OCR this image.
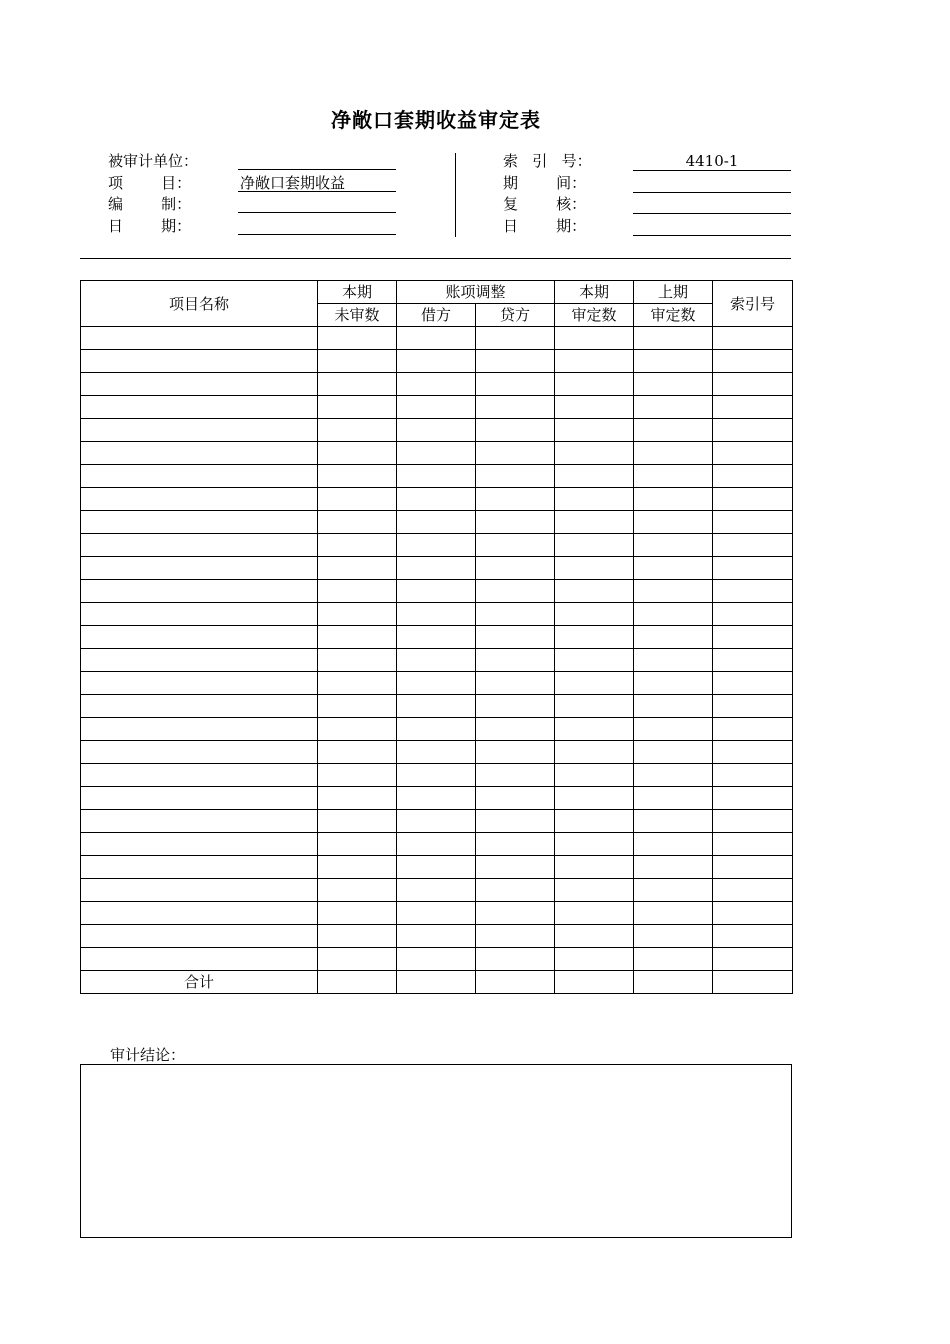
净敞口套期收益审定表
被审计单位：
项        目：	净敞口套期收益
编        制：
日        期：
索   引   号：	4410-1
期        间：
复        核：
日        期：
项目名称	本期	账项调整		本期	上期	索引号
	未审数	借方	贷方	审定数	审定数	

合计						
审计结论：
